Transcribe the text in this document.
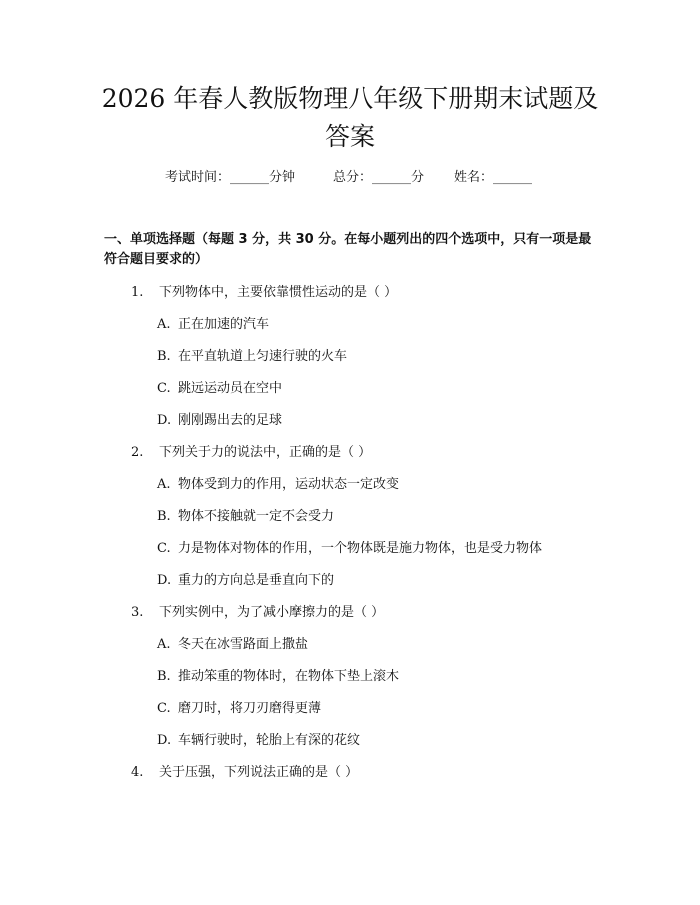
2026 年春人教版物理八年级下册期末试题及答案
考试时间：______分钟	总分：______分 姓名：______
一、单项选择题（每题 3 分，共 30 分。在每小题列出的四个选项中，只有一项是最符合题目要求的）
1. 下列物体中，主要依靠惯性运动的是（ ）
A. 正在加速的汽车
B. 在平直轨道上匀速行驶的火车
C. 跳远运动员在空中
D. 刚刚踢出去的足球
2. 下列关于力的说法中，正确的是（ ）
A. 物体受到力的作用，运动状态一定改变
B. 物体不接触就一定不会受力
C. 力是物体对物体的作用，一个物体既是施力物体，也是受力物体
D. 重力的方向总是垂直向下的
3. 下列实例中，为了减小摩擦力的是（ ）
A. 冬天在冰雪路面上撒盐
B. 推动笨重的物体时，在物体下垫上滚木
C. 磨刀时，将刀刃磨得更薄
D. 车辆行驶时，轮胎上有深的花纹
4. 关于压强，下列说法正确的是（ ）
